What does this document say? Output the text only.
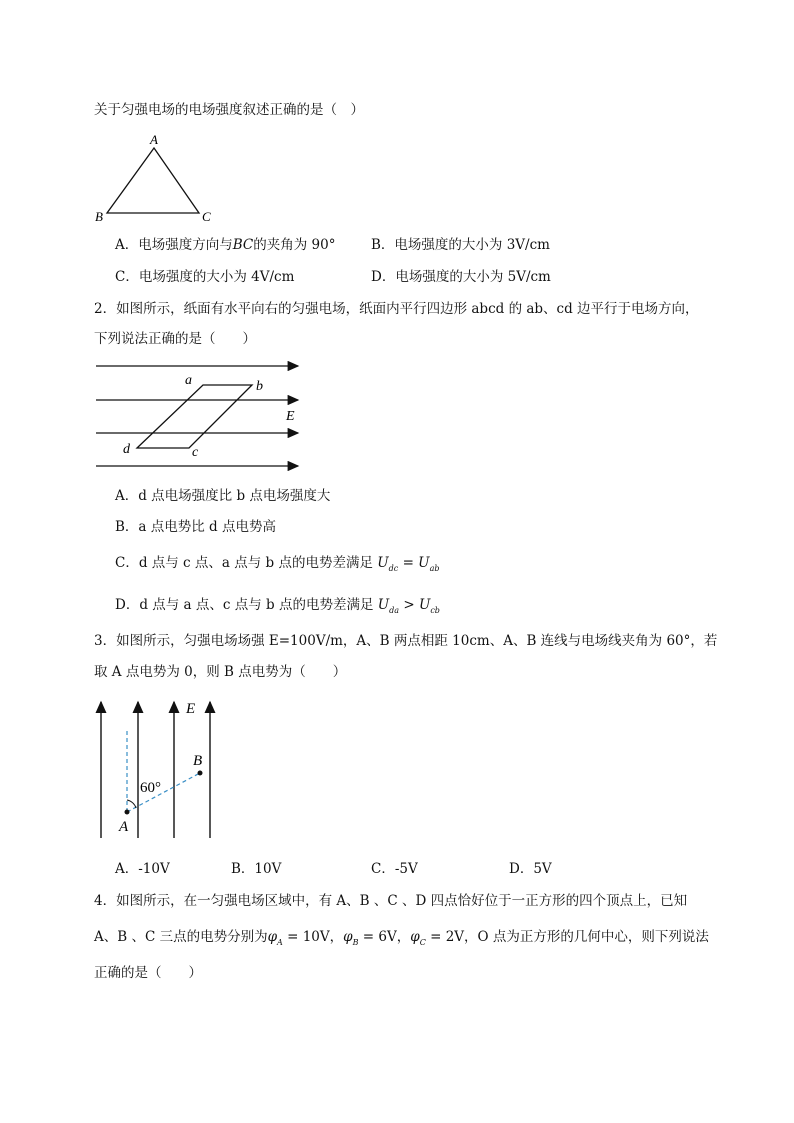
关于匀强电场的电场强度叙述正确的是（　）
A
B	C
A．电场强度方向与BC的夹角为 90°	B．电场强度的大小为 3V/cm
C．电场强度的大小为 4V/cm	D．电场强度的大小为 5V/cm
2．如图所示，纸面有水平向右的匀强电场，纸面内平行四边形 abcd 的 ab、cd 边平行于电场方向，
下列说法正确的是（　　）
a	b
c
d
E
A．d 点电场强度比 b 点电场强度大
B．a 点电势比 d 点电势高
C．d 点与 c 点、a 点与 b 点的电势差满足 $U_{dc} = U_{ab}$
D．d 点与 a 点、c 点与 b 点的电势差满足 $U_{da} > U_{cb}$
3．如图所示，匀强电场场强 E=100V/m，A、B 两点相距 10cm、A、B 连线与电场线夹角为 60°，若
取 A 点电势为 0，则 B 点电势为（　　）
A
B
E
60°
A．-10V	B．10V	C．-5V	D．5V
4．如图所示，在一匀强电场区域中，有 A、B 、C 、D 四点恰好位于一正方形的四个顶点上，已知
A、B 、C 三点的电势分别为$\varphi_A = 10V$，$\varphi_B = 6V$，$\varphi_C = 2V$，O 点为正方形的几何中心，则下列说法
正确的是（　　）
